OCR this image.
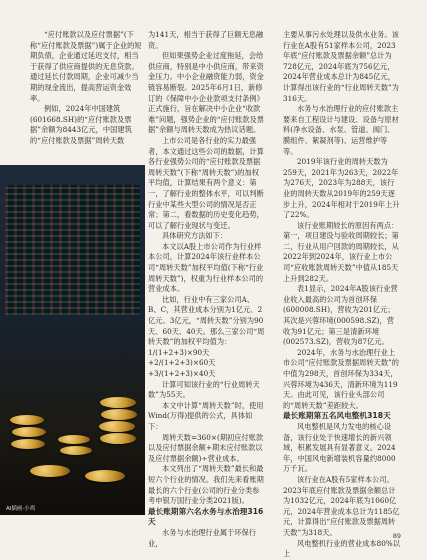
“应付账款以及应付票据”(下称“应付账款及票据”)属于企业的短期负债，企业通过延迟支付，相当于获得了供应商提供的无息贷款。通过延长付款周期，企业可减少当期的现金流出，提高营运资金效率。

例如，2024年中国建筑(601668.SH)的“应付账款及票据”余额为8443亿元，中国建筑的“应付账款及票据”周转天数

AI插画·小鸡

为141天，相当于获得了巨额无息融资。

但如果强势企业过度拖延，会给供应商，特别是中小供应商，带来资金压力。中小企业融资能力弱，资金链容易断裂。2025年6月1日，新修订的《保障中小企业款项支付条例》正式施行，旨在解决中小企业“收款难”问题，强势企业的“应付账款及票据”余额与周转天数成为热议话题。

上市公司是各行业的实力最强者，本文通过这些公司的数据，计算各行业强势公司的“应付账款及票据周转天数”(下称“周转天数”)的加权平均值，计算结果有两个意义：第一，了解行业的整体水平，可以判断行业中某些大型公司的情况是否正常；第二，看数据的历史变化趋势，可以了解行业现状与变迁。

具体研究方法如下：

本文以A股上市公司作为行业样本公司，计算2024年该行业样本公司“周转天数”加权平均值(下称“行业周转天数”)，权重为行业样本公司的营业成本。

比如，行业中有三家公司A、B、C，其营业成本分别为1亿元、2亿元、3亿元，“周转天数”分别为90天、60天、40天。那么三家公司“周转天数”的加权平均值为：

1/(1+2+3)×90天+2/(1+2+3)×60天+3/(1+2+3)×40天

计算可知该行业的“行业周转天数”为55天。

本文中计算“周转天数”时，使用Wind(万得)提供的公式，具体如下：

周转天数=360×(期初应付账款以及应付票据余额+期末应付账款以及应付票据余额)÷营业成本。

本文列出了“周转天数”最长和最短六个行业的情况。我们先来看账期最长的六个行业(公司的行业分类参考申银万国行业分类2021版)。

最长账期第六名水务与水治理316天

水务与水治理行业属于环保行业，

主要从事污水处理以及供水业务。该行业在A股有51家样本公司，2023年底“应付账款及票据余额”总计为728亿元，2024年底为756亿元，2024年营业成本总计为845亿元，计算得出该行业的“行业周转天数”为316天。

水务与水治理行业的应付账款主要来自工程设计与建设、设备与原材料(净水设备、水泵、管道、阀门、膜组件、絮凝剂等)、运营维护等等。

2019年该行业的周转天数为259天，2021年为263天，2022年为276天，2023年为288天，该行业的周转天数从2019年的259天逐步上升，2024年相对于2019年上升了22%。

该行业账期较长的原因有两点：第一，项目建设与验收周期较长；第二，行业从用户回款的周期较长，从2022年到2024年，该行业上市公司“应收账款周转天数”中值从185天上升到282天。

表1显示，2024年A股该行业营业收入最高的公司为首创环保(600008.SH)，营收为201亿元；其次是兴蓉环境(000598.SZ)，营收为91亿元；第三是清新环境(002573.SZ)，营收为87亿元。

2024年，水务与水治理行业上市公司“应付账款及票据周转天数”的中值为298天，首创环保为334天，兴蓉环境为436天，清新环境为119天。由此可见，该行业头部公司的“周转天数”差距较大。

最长账期第五名风电整机318天

风电整机是风力发电的核心设备，该行业处于快速增长的新兴领域，积累发展具有显著意义。2024年，中国风电新增装机容量约8000万千瓦。

该行业在A股有5家样本公司。2023年底应付账款及票据余额总计为1032亿元，2024年底为1060亿元，2024年营业成本总计为1185亿元，计算得出“应付账款及票据周转天数”为318天。

风电整机行业的营业成本80%以上

89
